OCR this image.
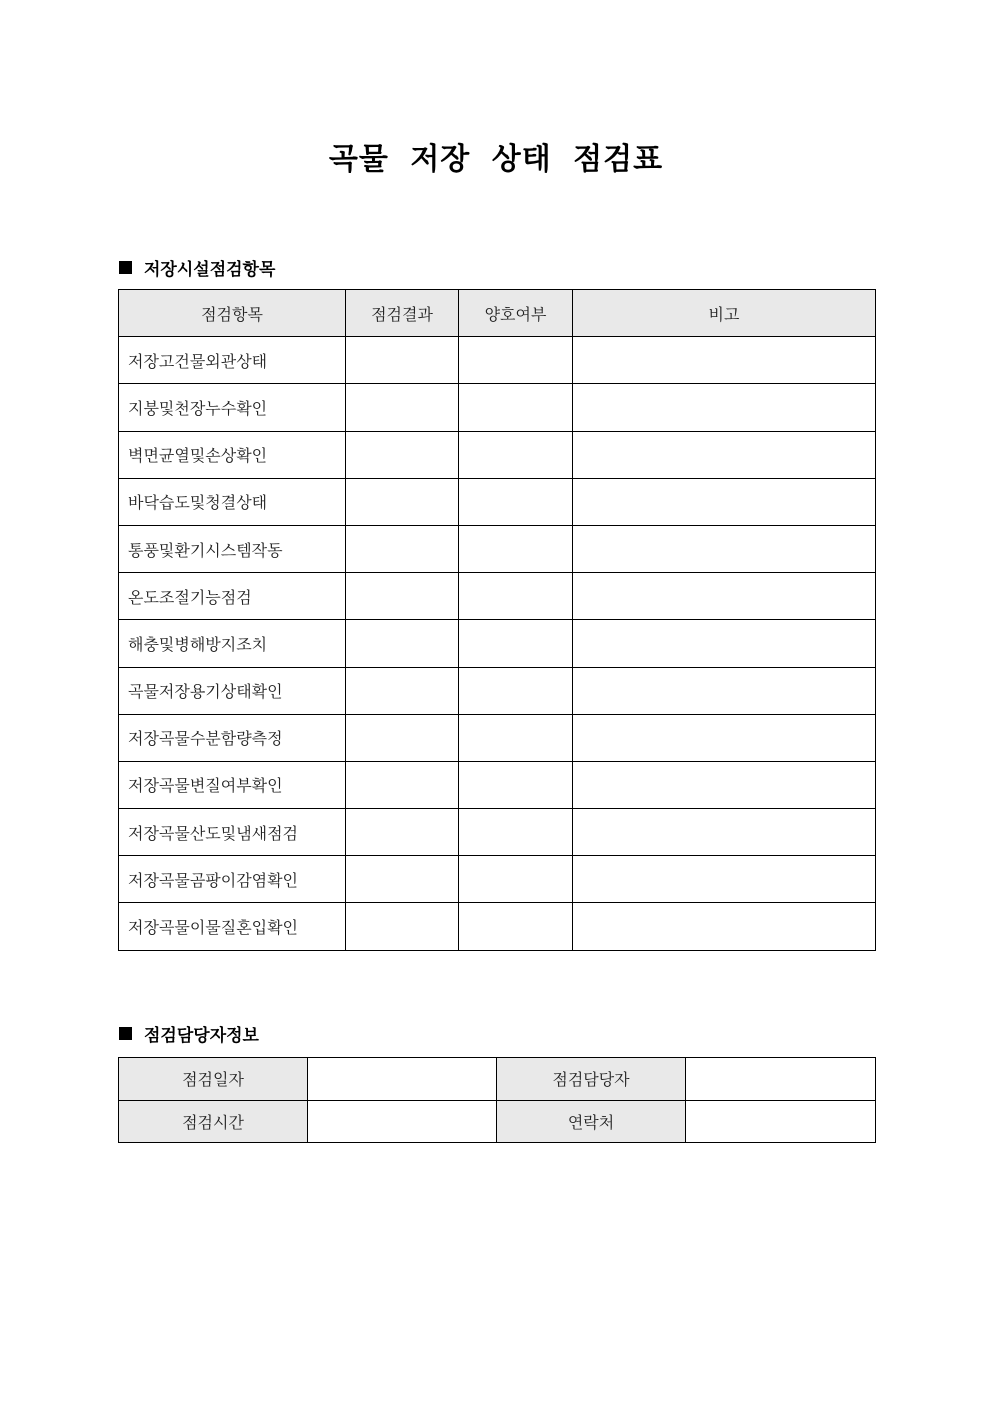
곡물 저장 상태 점검표
저장시설점검항목
점검항목	점검결과	양호여부	비고
저장고건물외관상태			
지붕및천장누수확인			
벽면균열및손상확인			
바닥습도및청결상태			
통풍및환기시스템작동			
온도조절기능점검			
해충및병해방지조치			
곡물저장용기상태확인			
저장곡물수분함량측정			
저장곡물변질여부확인			
저장곡물산도및냄새점검			
저장곡물곰팡이감염확인			
저장곡물이물질혼입확인			
점검담당자정보
점검일자		점검담당자	
점검시간		연락처	
